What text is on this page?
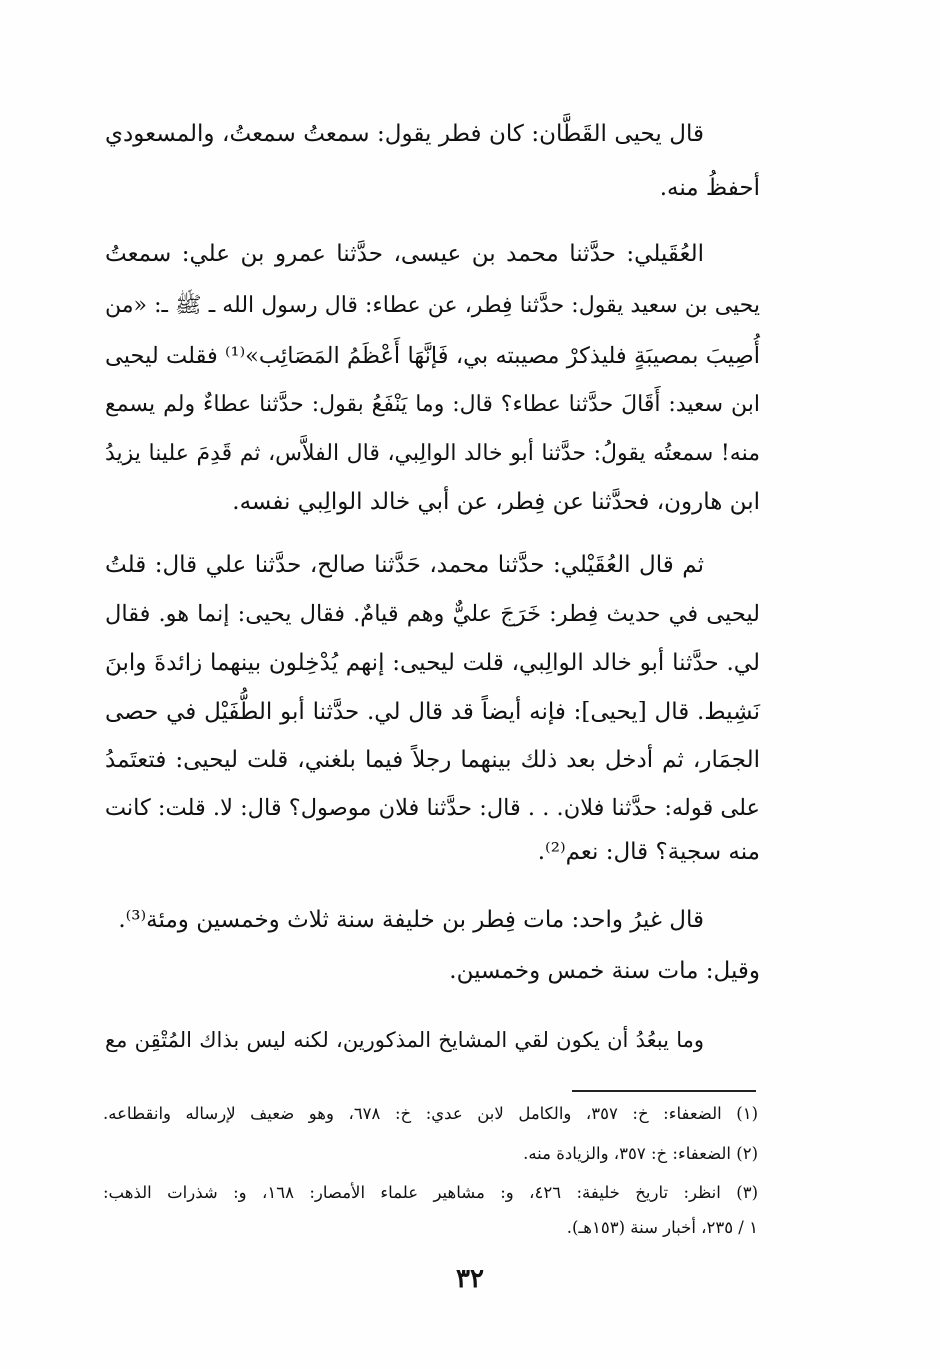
قال يحيى القَطَّان: كان فطر يقول: سمعتُ سمعتُ، والمسعودي
أحفظُ منه.
العُقَيلي: حدَّثنا محمد بن عيسى، حدَّثنا عمرو بن علي: سمعتُ
يحيى بن سعيد يقول: حدَّثنا فِطر، عن عطاء: قال رسول الله ـ ﷺ ـ: «من
أُصِيبَ بمصيبَةٍ فليذكرْ مصيبته بي، فَإنَّهَا أَعْظَمُ المَصَائِب»⁽¹⁾ فقلت ليحيى
ابن سعيد: أَقَالَ حدَّثنا عطاء؟ قال: وما يَنْفَعُ بقول: حدَّثنا عطاءٌ ولم يسمع
منه! سمعتُه يقولُ: حدَّثنا أبو خالد الوالِبي، قال الفلاَّس، ثم قَدِمَ علينا يزيدُ
ابن هارون، فحدَّثنا عن فِطر، عن أبي خالد الوالِبي نفسه.
ثم قال العُقَيْلي: حدَّثنا محمد، حَدَّثنا صالح، حدَّثنا علي قال: قلتُ
ليحيى في حديث فِطر: خَرَجَ عليٌّ وهم قيامٌ. فقال يحيى: إنما هو. فقال
لي. حدَّثنا أبو خالد الوالِبي، قلت ليحيى: إنهم يُدْخِلون بينهما زائدةَ وابنَ
نَشِيط. قال [يحيى]: فإنه أيضاً قد قال لي. حدَّثنا أبو الطُّفَيْل في حصى
الجمَار، ثم أدخل بعد ذلك بينهما رجلاً فيما بلغني، قلت ليحيى: فتعتَمدُ
على قوله: حدَّثنا فلان. . . قال: حدَّثنا فلان موصول؟ قال: لا. قلت: كانت
منه سجية؟ قال: نعم⁽²⁾.
قال غيرُ واحد: مات فِطر بن خليفة سنة ثلاث وخمسين ومئة⁽³⁾.
وقيل: مات سنة خمس وخمسين.
وما يبعُدُ أن يكون لقي المشايخ المذكورين، لكنه ليس بذاك المُتْقِن مع
(١) الضعفاء: خ: ٣٥٧، والكامل لابن عدي: خ: ٦٧٨، وهو ضعيف لإرساله وانقطاعه.
(٢) الضعفاء: خ: ٣٥٧، والزيادة منه.
(٣) انظر: تاريخ خليفة: ٤٢٦، و: مشاهير علماء الأمصار: ١٦٨، و: شذرات الذهب:
١ / ٢٣٥، أخبار سنة (١٥٣هـ).
٣٢
